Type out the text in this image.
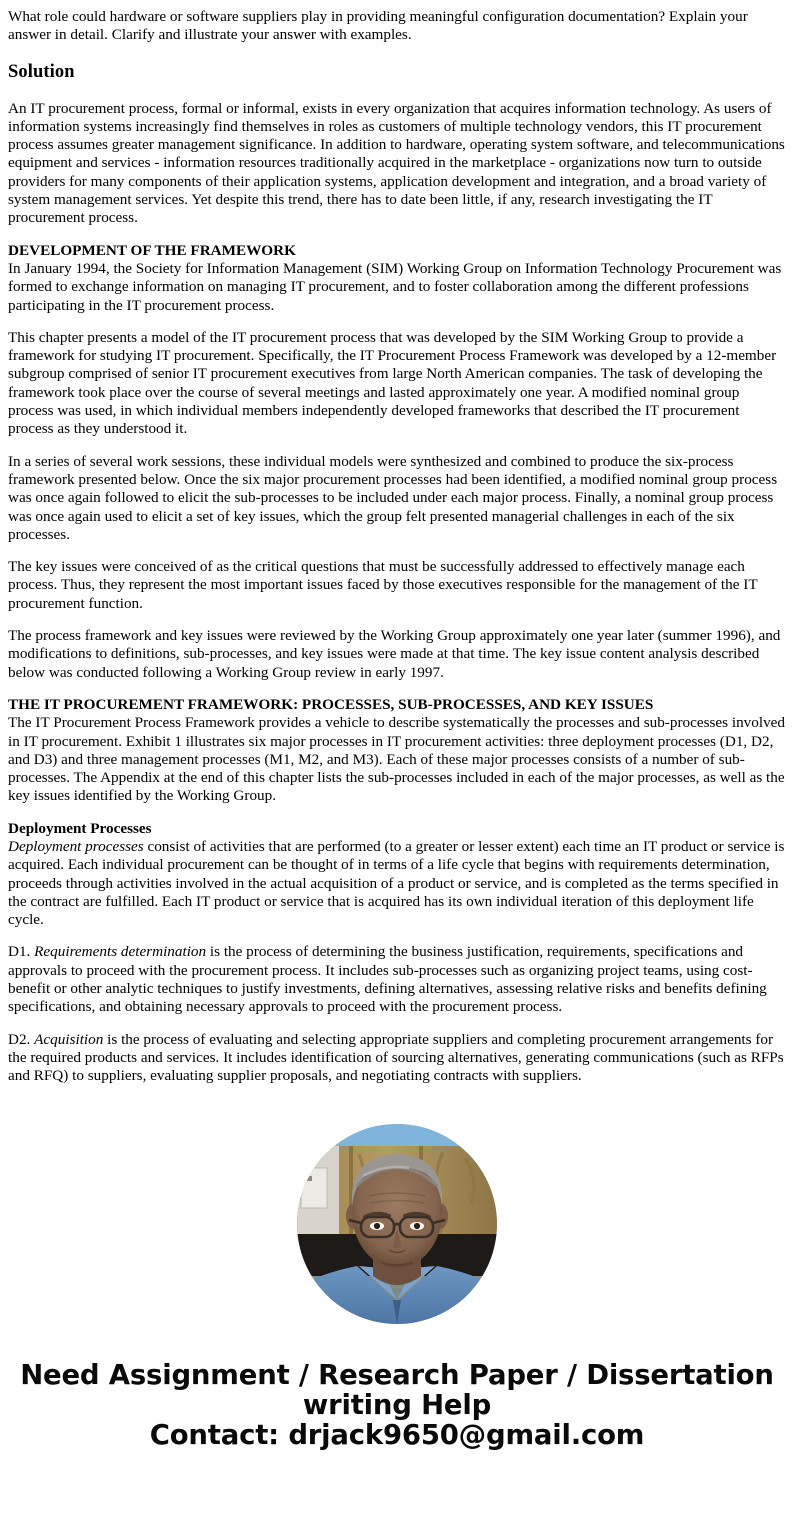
What role could hardware or software suppliers play in providing meaningful configuration documentation? Explain your answer in detail. Clarify and illustrate your answer with examples.

Solution

An IT procurement process, formal or informal, exists in every organization that acquires information technology. As users of information systems increasingly find themselves in roles as customers of multiple technology vendors, this IT procurement process assumes greater management significance. In addition to hardware, operating system software, and telecommunications equipment and services - information resources traditionally acquired in the marketplace - organizations now turn to outside providers for many components of their application systems, application development and integration, and a broad variety of system management services. Yet despite this trend, there has to date been little, if any, research investigating the IT procurement process.

DEVELOPMENT OF THE FRAMEWORK

In January 1994, the Society for Information Management (SIM) Working Group on Information Technology Procurement was formed to exchange information on managing IT procurement, and to foster collaboration among the different professions participating in the IT procurement process.

This chapter presents a model of the IT procurement process that was developed by the SIM Working Group to provide a framework for studying IT procurement. Specifically, the IT Procurement Process Framework was developed by a 12-member subgroup comprised of senior IT procurement executives from large North American companies. The task of developing the framework took place over the course of several meetings and lasted approximately one year. A modified nominal group process was used, in which individual members independently developed frameworks that described the IT procurement process as they understood it.

In a series of several work sessions, these individual models were synthesized and combined to produce the six-process framework presented below. Once the six major procurement processes had been identified, a modified nominal group process was once again followed to elicit the sub-processes to be included under each major process. Finally, a nominal group process was once again used to elicit a set of key issues, which the group felt presented managerial challenges in each of the six processes.

The key issues were conceived of as the critical questions that must be successfully addressed to effectively manage each process. Thus, they represent the most important issues faced by those executives responsible for the management of the IT procurement function.

The process framework and key issues were reviewed by the Working Group approximately one year later (summer 1996), and modifications to definitions, sub-processes, and key issues were made at that time. The key issue content analysis described below was conducted following a Working Group review in early 1997.

THE IT PROCUREMENT FRAMEWORK: PROCESSES, SUB-PROCESSES, AND KEY ISSUES

The IT Procurement Process Framework provides a vehicle to describe systematically the processes and sub-processes involved in IT procurement. Exhibit 1 illustrates six major processes in IT procurement activities: three deployment processes (D1, D2, and D3) and three management processes (M1, M2, and M3). Each of these major processes consists of a number of sub-processes. The Appendix at the end of this chapter lists the sub-processes included in each of the major processes, as well as the key issues identified by the Working Group.

Deployment Processes

Deployment processes consist of activities that are performed (to a greater or lesser extent) each time an IT product or service is acquired. Each individual procurement can be thought of in terms of a life cycle that begins with requirements determination, proceeds through activities involved in the actual acquisition of a product or service, and is completed as the terms specified in the contract are fulfilled. Each IT product or service that is acquired has its own individual iteration of this deployment life cycle.

D1. Requirements determination is the process of determining the business justification, requirements, specifications and approvals to proceed with the procurement process. It includes sub-processes such as organizing project teams, using cost-benefit or other analytic techniques to justify investments, defining alternatives, assessing relative risks and benefits defining specifications, and obtaining necessary approvals to proceed with the procurement process.

D2. Acquisition is the process of evaluating and selecting appropriate suppliers and completing procurement arrangements for the required products and services. It includes identification of sourcing alternatives, generating communications (such as RFPs and RFQ) to suppliers, evaluating supplier proposals, and negotiating contracts with suppliers.

Need Assignment / Research Paper / Dissertation writing Help
Contact: drjack9650@gmail.com
